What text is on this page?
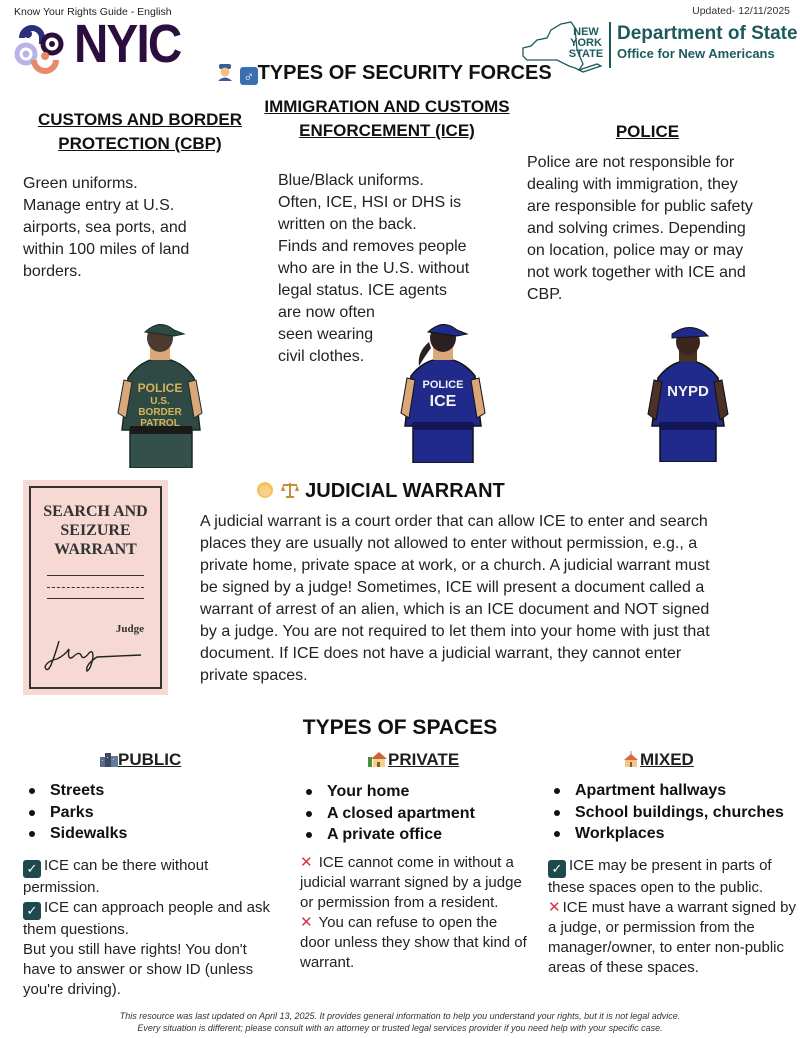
Know Your Rights Guide - English	Updated- 12/11/2025
NYIC	NEW
YORK
STATE
Department of State
Office for New Americans
♂ TYPES OF SECURITY FORCES
CUSTOMS AND BORDER PROTECTION (CBP)
IMMIGRATION AND CUSTOMS ENFORCEMENT (ICE)	POLICE
Green uniforms.
Manage entry at U.S.
airports, sea ports, and
within 100 miles of land
borders.
Blue/Black uniforms.
Often, ICE, HSI or DHS is
written on the back.
Finds and removes people
who are in the U.S. without
legal status. ICE agents
are now often
seen wearing
civil clothes.
Police are not responsible for
dealing with immigration, they
are responsible for public safety
and solving crimes. Depending
on location, police may or may
not work together with ICE and
CBP.
POLICE
U.S.
BORDER
PATROL
POLICE
ICE
NYPD
SEARCH AND
SEIZURE
WARRANT
Judge
JUDICIAL WARRANT
A judicial warrant is a court order that can allow ICE to enter and search
places they are usually not allowed to enter without permission, e.g., a
private home, private space at work, or a church. A judicial warrant must
be signed by a judge! Sometimes, ICE will present a document called a
warrant of arrest of an alien, which is an ICE document and NOT signed
by a judge. You are not required to let them into your home with just that
document. If ICE does not have a judicial warrant, they cannot enter
private spaces.
TYPES OF SPACES
PUBLIC	PRIVATE	MIXED
Streets
Parks
Sidewalks
Your home
A closed apartment
A private office
Apartment hallways
School buildings, churches
Workplaces
✓ ICE can be there without permission.
✓ ICE can approach people and ask them questions.
But you still have rights! You don't have to answer or show ID (unless you're driving).
✕ ICE cannot come in without a judicial warrant signed by a judge or permission from a resident.
✕ You can refuse to open the door unless they show that kind of warrant.
✓ ICE may be present in parts of these spaces open to the public.
✕ ICE must have a warrant signed by a judge, or permission from the manager/owner, to enter non-public areas of these spaces.
This resource was last updated on April 13, 2025. It provides general information to help you understand your rights, but it is not legal advice.
Every situation is different; please consult with an attorney or trusted legal services provider if you need help with your specific case.
